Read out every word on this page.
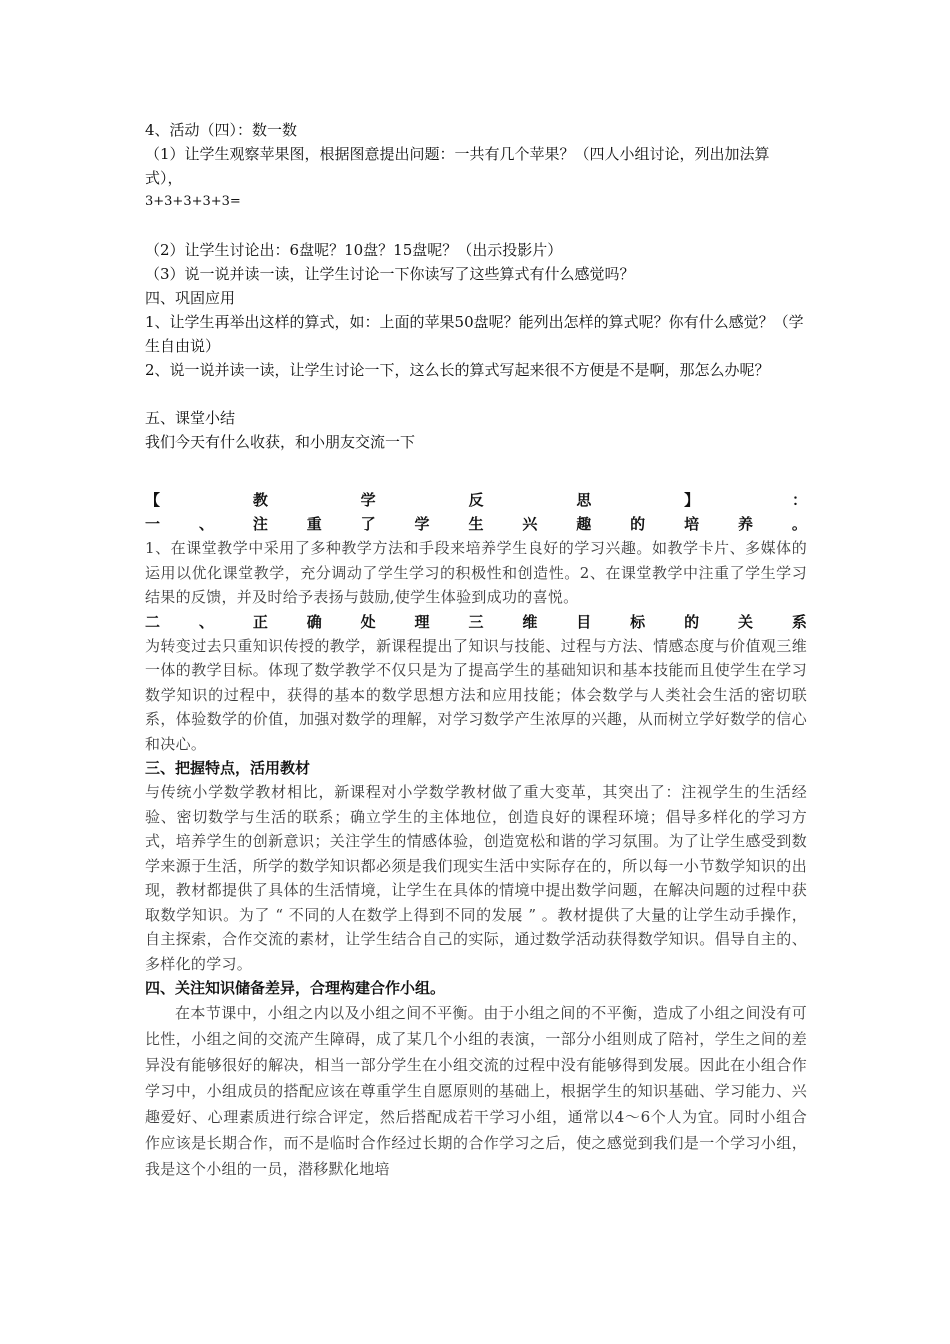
4、活动（四）：数一数

（1）让学生观察苹果图，根据图意提出问题：一共有几个苹果？（四人小组讨论，列出加法算式），

3+3+3+3+3=

（2）让学生讨论出：6盘呢？10盘？15盘呢？（出示投影片）

（3）说一说并读一读，让学生讨论一下你读写了这些算式有什么感觉吗？

四、巩固应用

1、让学生再举出这样的算式，如：上面的苹果50盘呢？能列出怎样的算式呢？你有什么感觉？（学生自由说）

2、说一说并读一读，让学生讨论一下，这么长的算式写起来很不方便是不是啊，那怎么办呢？

五、课堂小结

我们今天有什么收获，和小朋友交流一下

【	教	学	反	思	】	：
一	、	注	重	了	学	生	兴	趣	的	培	养	。

1、在课堂教学中采用了多种教学方法和手段来培养学生良好的学习兴趣。如教学卡片、多媒体的运用以优化课堂教学，充分调动了学生学习的积极性和创造性。2、在课堂教学中注重了学生学习结果的反馈，并及时给予表扬与鼓励,使学生体验到成功的喜悦。

二	、	正	确	处	理	三	维	目	标	的	关	系

为转变过去只重知识传授的教学，新课程提出了知识与技能、过程与方法、情感态度与价值观三维一体的教学目标。体现了数学教学不仅只是为了提高学生的基础知识和基本技能而且使学生在学习数学知识的过程中，获得的基本的数学思想方法和应用技能；体会数学与人类社会生活的密切联系，体验数学的价值，加强对数学的理解，对学习数学产生浓厚的兴趣，从而树立学好数学的信心和决心。

三、把握特点，活用教材

与传统小学数学教材相比，新课程对小学数学教材做了重大变革，其突出了：注视学生的生活经验、密切数学与生活的联系；确立学生的主体地位，创造良好的课程环境；倡导多样化的学习方式，培养学生的创新意识；关注学生的情感体验，创造宽松和谐的学习氛围。为了让学生感受到数学来源于生活，所学的数学知识都必须是我们现实生活中实际存在的，所以每一小节数学知识的出现，教材都提供了具体的生活情境，让学生在具体的情境中提出数学问题，在解决问题的过程中获取数学知识。为了 “ 不同的人在数学上得到不同的发展 ” 。教材提供了大量的让学生动手操作，自主探索，合作交流的素材，让学生结合自己的实际，通过数学活动获得数学知识。倡导自主的、多样化的学习。

四、关注知识储备差异，合理构建合作小组。

在本节课中，小组之内以及小组之间不平衡。由于小组之间的不平衡，造成了小组之间没有可比性，小组之间的交流产生障碍，成了某几个小组的表演，一部分小组则成了陪衬，学生之间的差异没有能够很好的解决，相当一部分学生在小组交流的过程中没有能够得到发展。因此在小组合作学习中，小组成员的搭配应该在尊重学生自愿原则的基础上，根据学生的知识基础、学习能力、兴趣爱好、心理素质进行综合评定，然后搭配成若干学习小组，通常以4～6个人为宜。同时小组合作应该是长期合作，而不是临时合作经过长期的合作学习之后，使之感觉到我们是一个学习小组，我是这个小组的一员，潜移默化地培
